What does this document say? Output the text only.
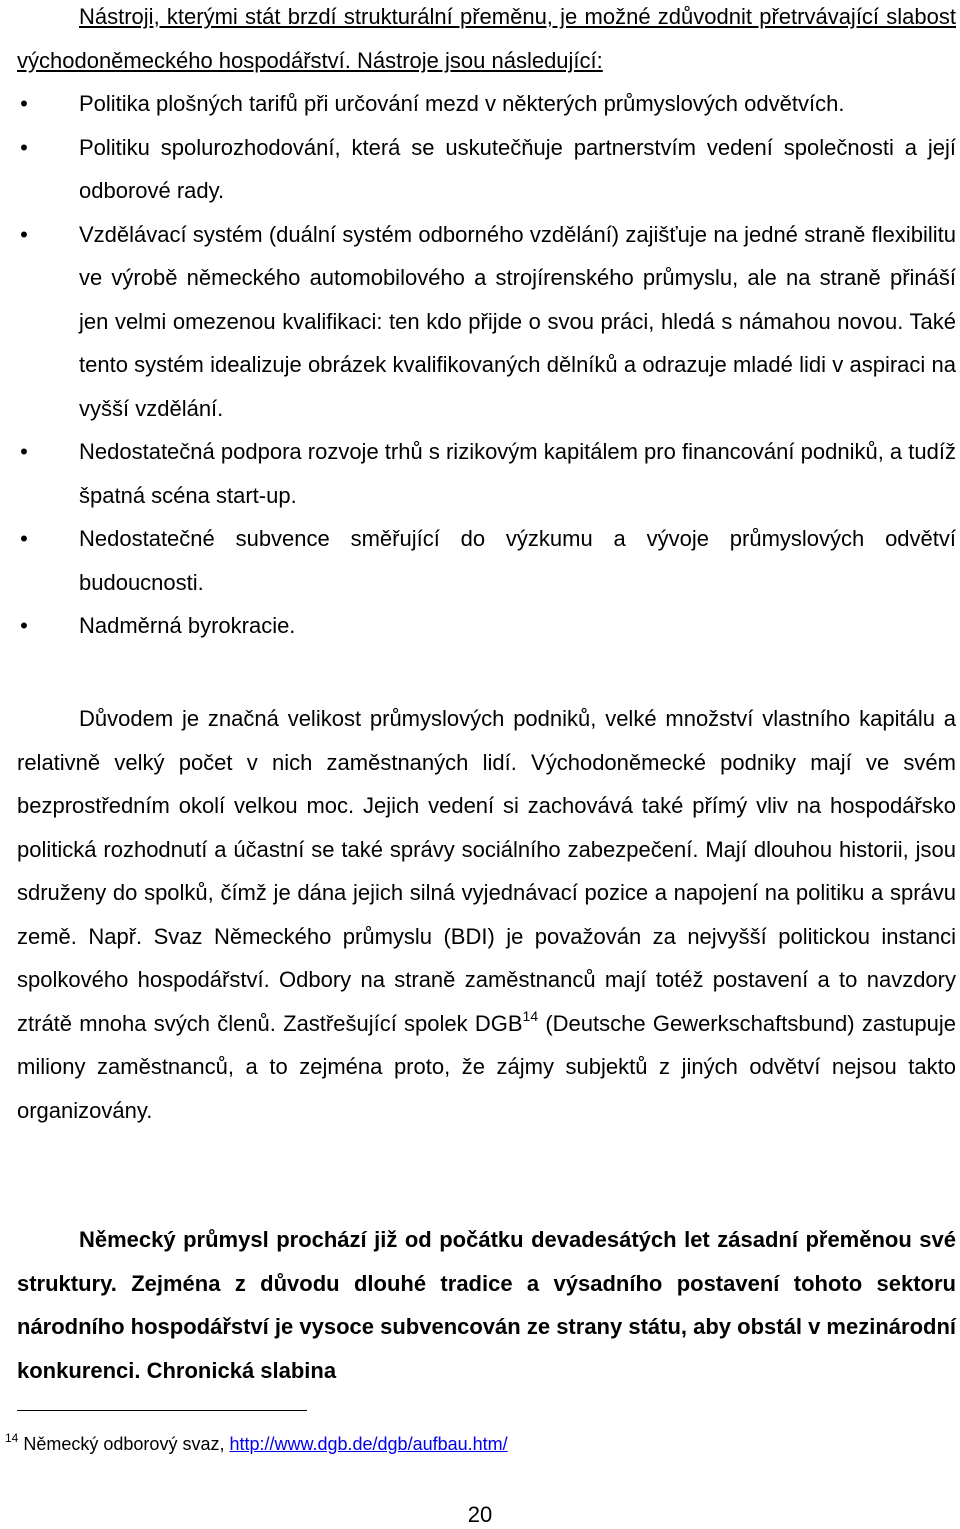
Nástroji, kterými stát brzdí strukturální přeměnu, je možné zdůvodnit přetrvávající slabost východoněmeckého hospodářství. Nástroje jsou následující:
• Politika plošných tarifů při určování mezd v některých průmyslových odvětvích.
• Politiku spolurozhodování, která se uskutečňuje partnerstvím vedení společnosti a její odborové rady.
• Vzdělávací systém (duální systém odborného vzdělání) zajišťuje na jedné straně flexibilitu ve výrobě německého automobilového a strojírenského průmyslu, ale na straně přináší jen velmi omezenou kvalifikaci: ten kdo přijde o svou práci, hledá s námahou novou. Také tento systém idealizuje obrázek kvalifikovaných dělníků a odrazuje mladé lidi v aspiraci na vyšší vzdělání.
• Nedostatečná podpora rozvoje trhů s rizikovým kapitálem pro financování podniků, a tudíž špatná scéna start-up.
• Nedostatečné subvence směřující do výzkumu a vývoje průmyslových odvětví budoucnosti.
• Nadměrná byrokracie.
Důvodem je značná velikost průmyslových podniků, velké množství vlastního kapitálu a relativně velký počet v nich zaměstnaných lidí. Východoněmecké podniky mají ve svém bezprostředním okolí velkou moc. Jejich vedení si zachovává také přímý vliv na hospodářsko politická rozhodnutí a účastní se také správy sociálního zabezpečení. Mají dlouhou historii, jsou sdruženy do spolků, čímž je dána jejich silná vyjednávací pozice a napojení na politiku a správu země. Např. Svaz Německého průmyslu (BDI) je považován za nejvyšší politickou instanci spolkového hospodářství. Odbory na straně zaměstnanců mají totéž postavení a to navzdory ztrátě mnoha svých členů. Zastřešující spolek DGB$^{14}$ (Deutsche Gewerkschaftsbund) zastupuje miliony zaměstnanců, a to zejména proto, že zájmy subjektů z jiných odvětví nejsou takto organizovány.
Německý průmysl prochází již od počátku devadesátých let zásadní přeměnou své struktury. Zejména z důvodu dlouhé tradice a výsadního postavení tohoto sektoru národního hospodářství je vysoce subvencován ze strany státu, aby obstál v mezinárodní konkurenci. Chronická slabina
$^{14}$ Německý odborový svaz, http://www.dgb.de/dgb/aufbau.htm/
20
